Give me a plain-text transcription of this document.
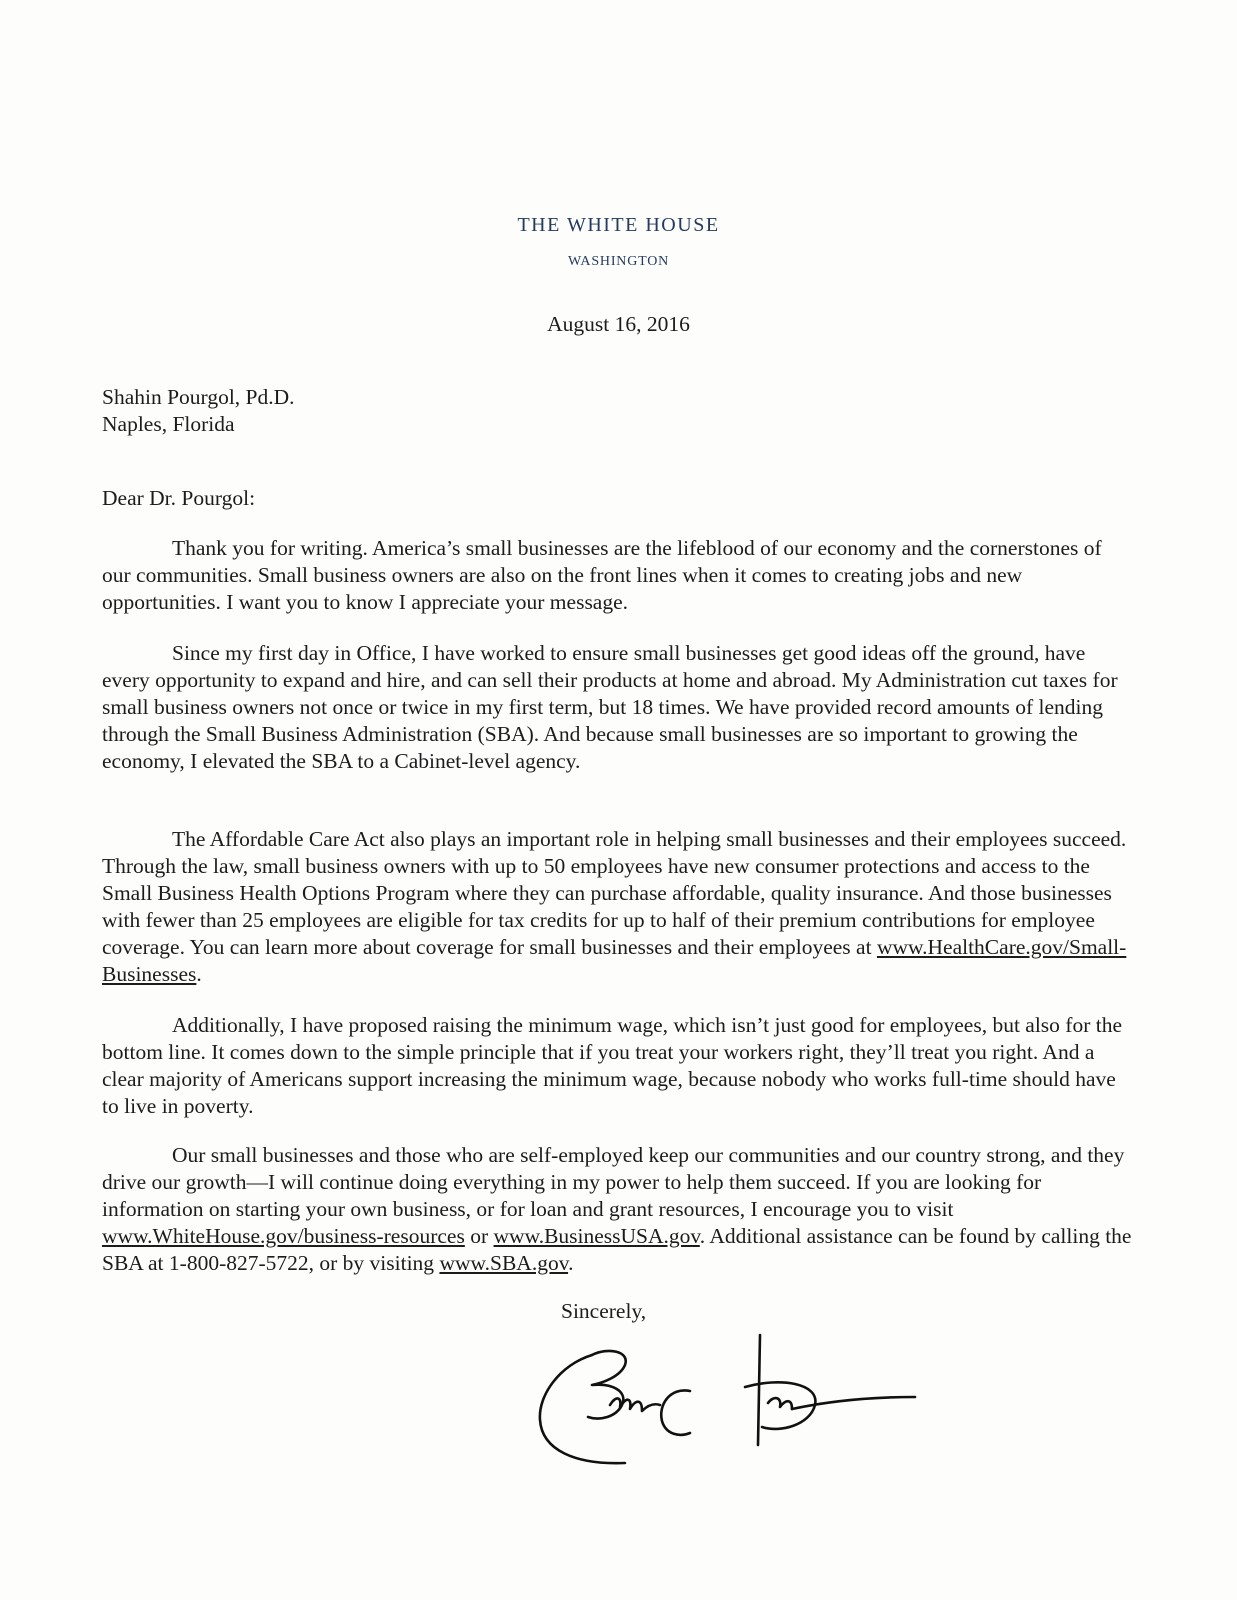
THE WHITE HOUSE
WASHINGTON
August 16, 2016
Shahin Pourgol, Pd.D.
Naples, Florida
Dear Dr. Pourgol:

Thank you for writing. America’s small businesses are the lifeblood of our economy and the cornerstones of our communities. Small business owners are also on the front lines when it comes to creating jobs and new opportunities. I want you to know I appreciate your message.

Since my first day in Office, I have worked to ensure small businesses get good ideas off the ground, have every opportunity to expand and hire, and can sell their products at home and abroad. My Administration cut taxes for small business owners not once or twice in my first term, but 18 times. We have provided record amounts of lending through the Small Business Administration (SBA). And because small businesses are so important to growing the economy, I elevated the SBA to a Cabinet-level agency.

The Affordable Care Act also plays an important role in helping small businesses and their employees succeed. Through the law, small business owners with up to 50 employees have new consumer protections and access to the Small Business Health Options Program where they can purchase affordable, quality insurance. And those businesses with fewer than 25 employees are eligible for tax credits for up to half of their premium contributions for employee coverage. You can learn more about coverage for small businesses and their employees at www.HealthCare.gov/Small-Businesses.

Additionally, I have proposed raising the minimum wage, which isn’t just good for employees, but also for the bottom line. It comes down to the simple principle that if you treat your workers right, they’ll treat you right. And a clear majority of Americans support increasing the minimum wage, because nobody who works full-time should have to live in poverty.

Our small businesses and those who are self-employed keep our communities and our country strong, and they drive our growth—I will continue doing everything in my power to help them succeed. If you are looking for information on starting your own business, or for loan and grant resources, I encourage you to visit www.WhiteHouse.gov/business-resources or www.BusinessUSA.gov. Additional assistance can be found by calling the SBA at 1-800-827-5722, or by visiting www.SBA.gov.

Sincerely,
